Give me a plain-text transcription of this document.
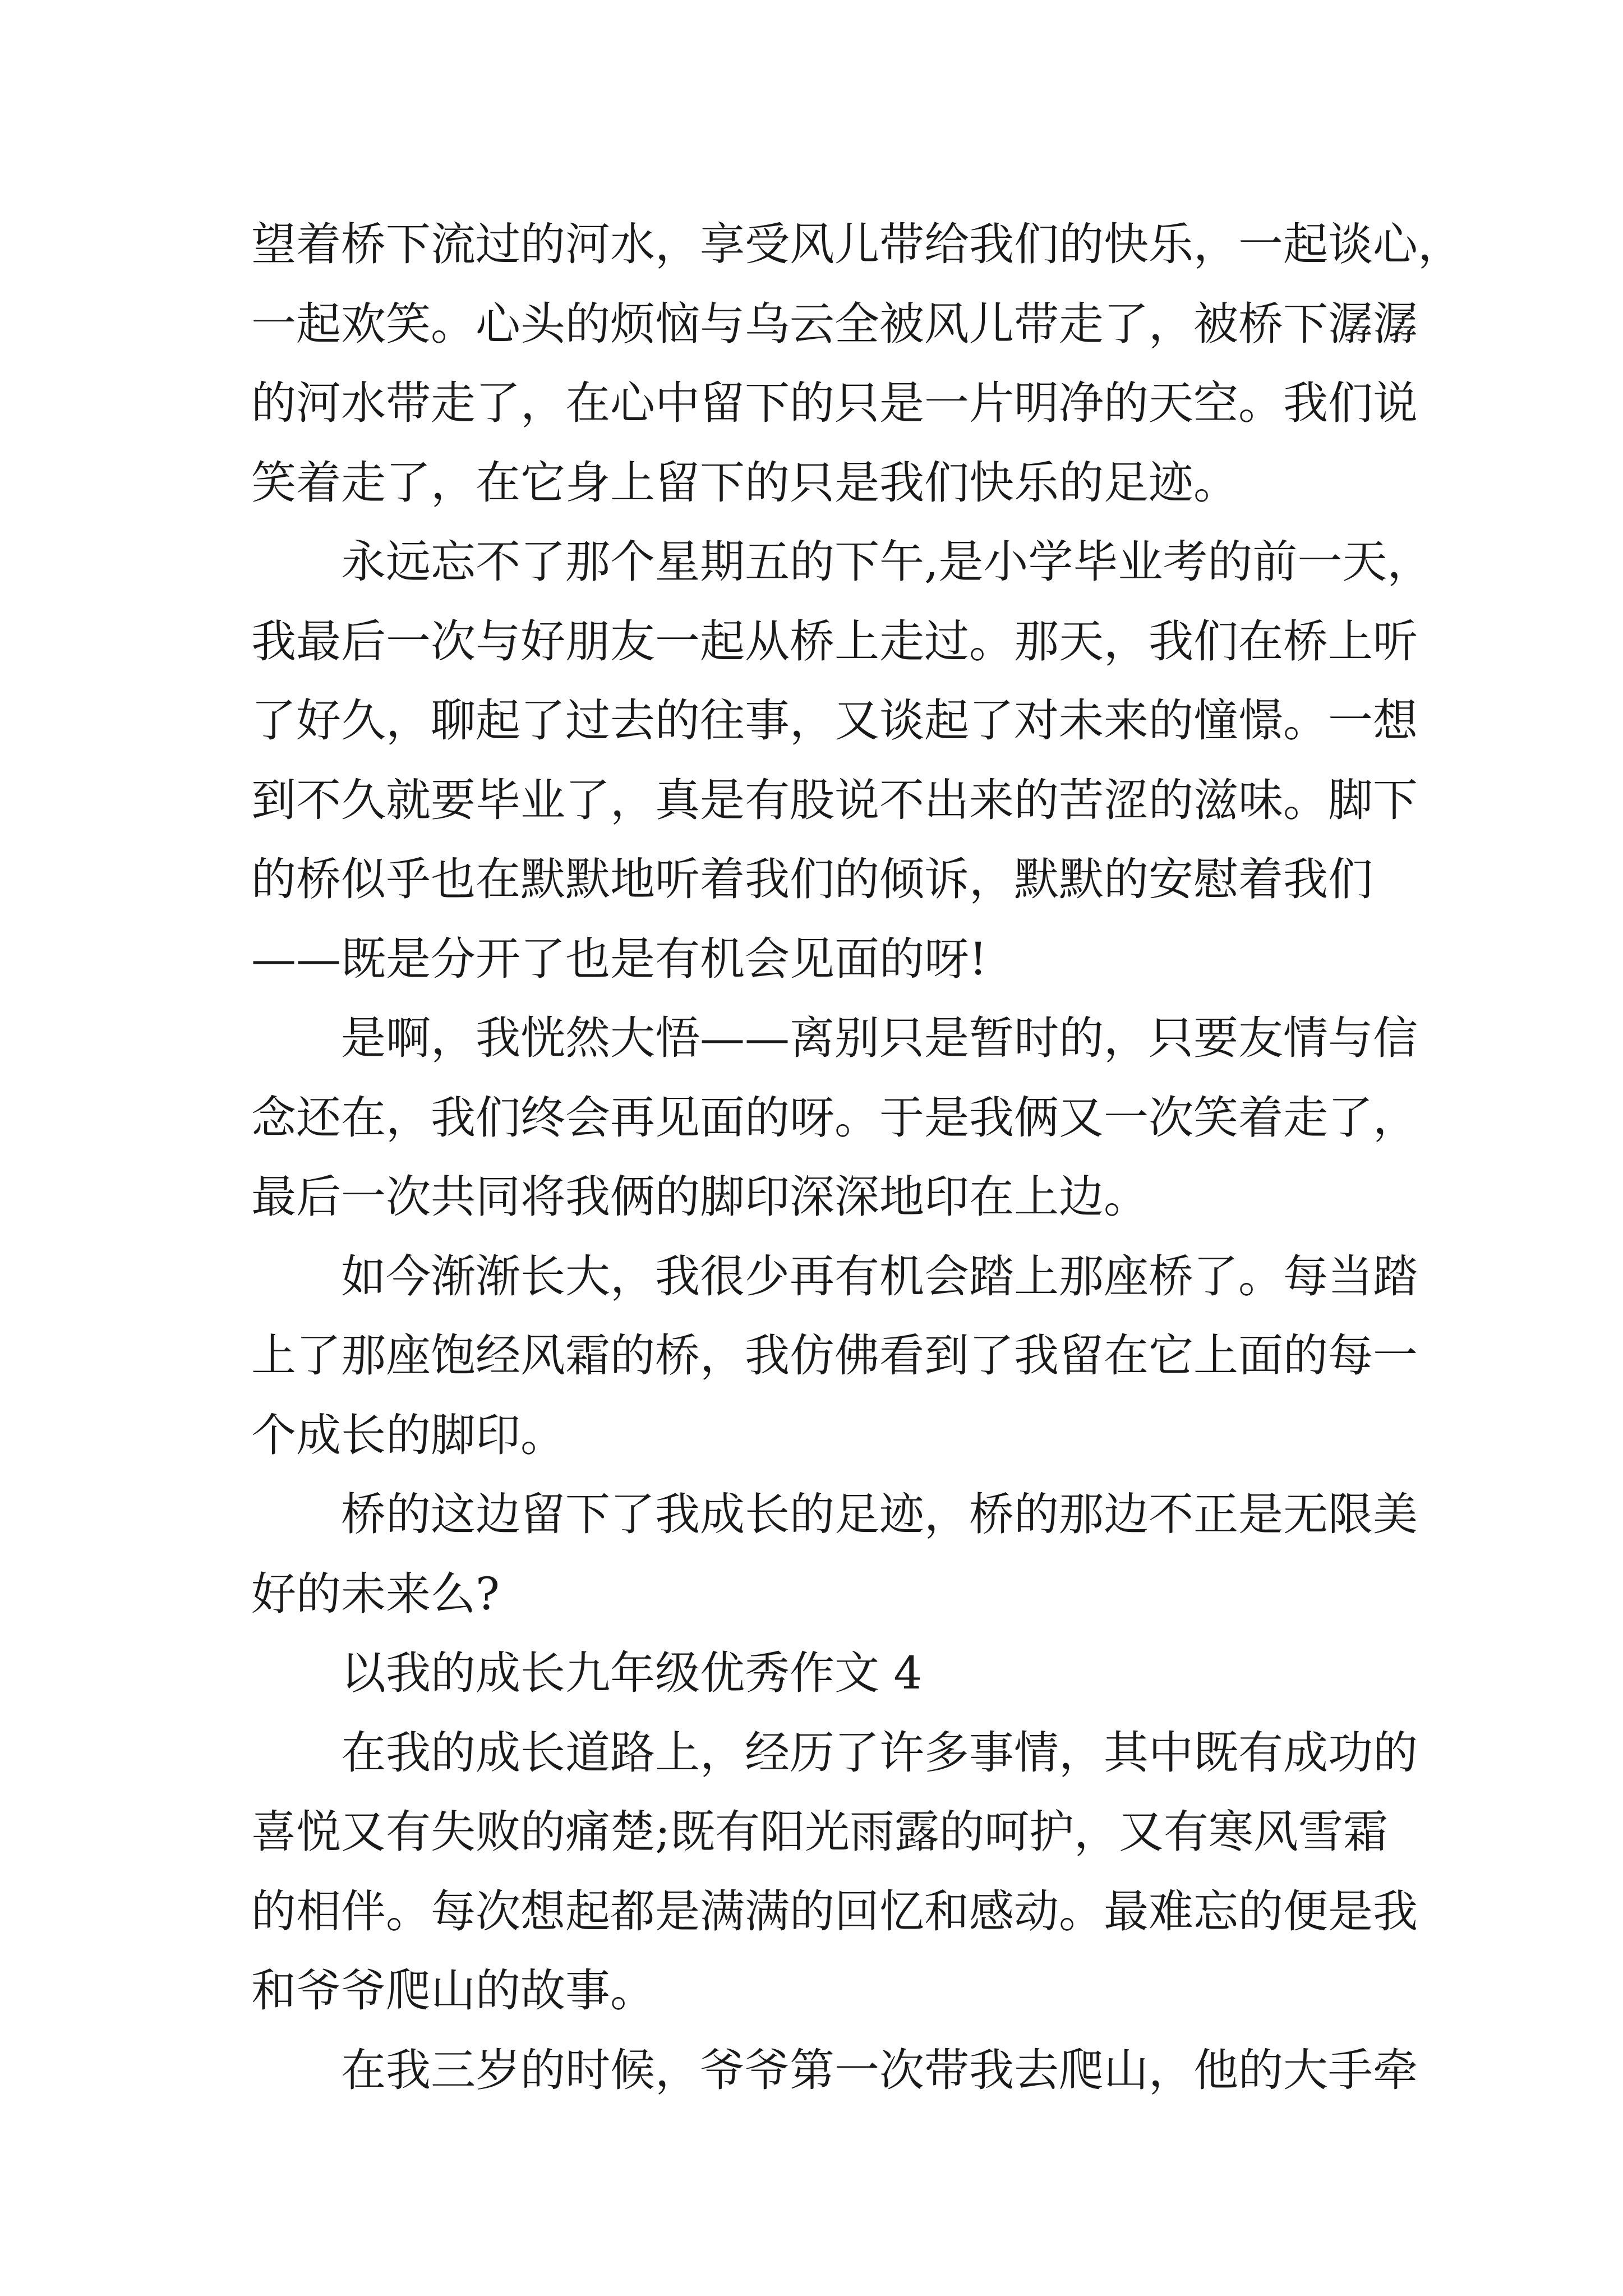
望着桥下流过的河水，享受风儿带给我们的快乐，一起谈心，
一起欢笑。心头的烦恼与乌云全被风儿带走了，被桥下潺潺
的河水带走了，在心中留下的只是一片明净的天空。我们说
笑着走了，在它身上留下的只是我们快乐的足迹。
永远忘不了那个星期五的下午,是小学毕业考的前一天，
我最后一次与好朋友一起从桥上走过。那天，我们在桥上听
了好久，聊起了过去的往事，又谈起了对未来的憧憬。一想
到不久就要毕业了，真是有股说不出来的苦涩的滋味。脚下
的桥似乎也在默默地听着我们的倾诉，默默的安慰着我们
——既是分开了也是有机会见面的呀!
是啊，我恍然大悟——离别只是暂时的，只要友情与信
念还在，我们终会再见面的呀。于是我俩又一次笑着走了，
最后一次共同将我俩的脚印深深地印在上边。
如今渐渐长大，我很少再有机会踏上那座桥了。每当踏
上了那座饱经风霜的桥，我仿佛看到了我留在它上面的每一
个成长的脚印。
桥的这边留下了我成长的足迹，桥的那边不正是无限美
好的未来么?
以我的成长九年级优秀作文 4
在我的成长道路上，经历了许多事情，其中既有成功的
喜悦又有失败的痛楚;既有阳光雨露的呵护，又有寒风雪霜
的相伴。每次想起都是满满的回忆和感动。最难忘的便是我
和爷爷爬山的故事。
在我三岁的时候，爷爷第一次带我去爬山，他的大手牵
